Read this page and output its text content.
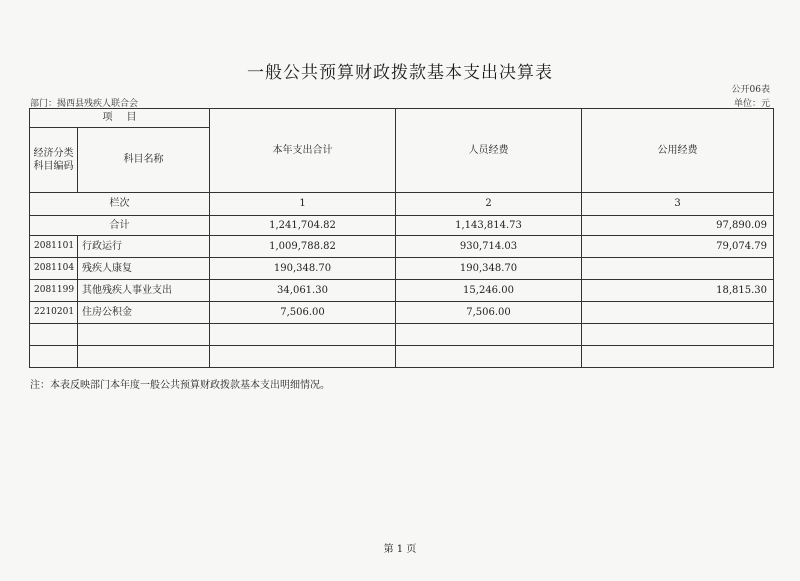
一般公共预算财政拨款基本支出决算表
公开06表
部门：揭西县残疾人联合会	单位：元
项 目		本年支出合计	人员经费	公用经费

经济分类
科目编码	科目名称			
栏次		1	2	3
合计		1,241,704.82	1,143,814.73	97,890.09
2081101	行政运行	1,009,788.82	930,714.03	79,074.79
2081104	残疾人康复	190,348.70	190,348.70	
2081199	其他残疾人事业支出	34,061.30	15,246.00	18,815.30
2210201	住房公积金	7,506.00	7,506.00	

注：本表反映部门本年度一般公共预算财政拨款基本支出明细情况。
第 1 页
